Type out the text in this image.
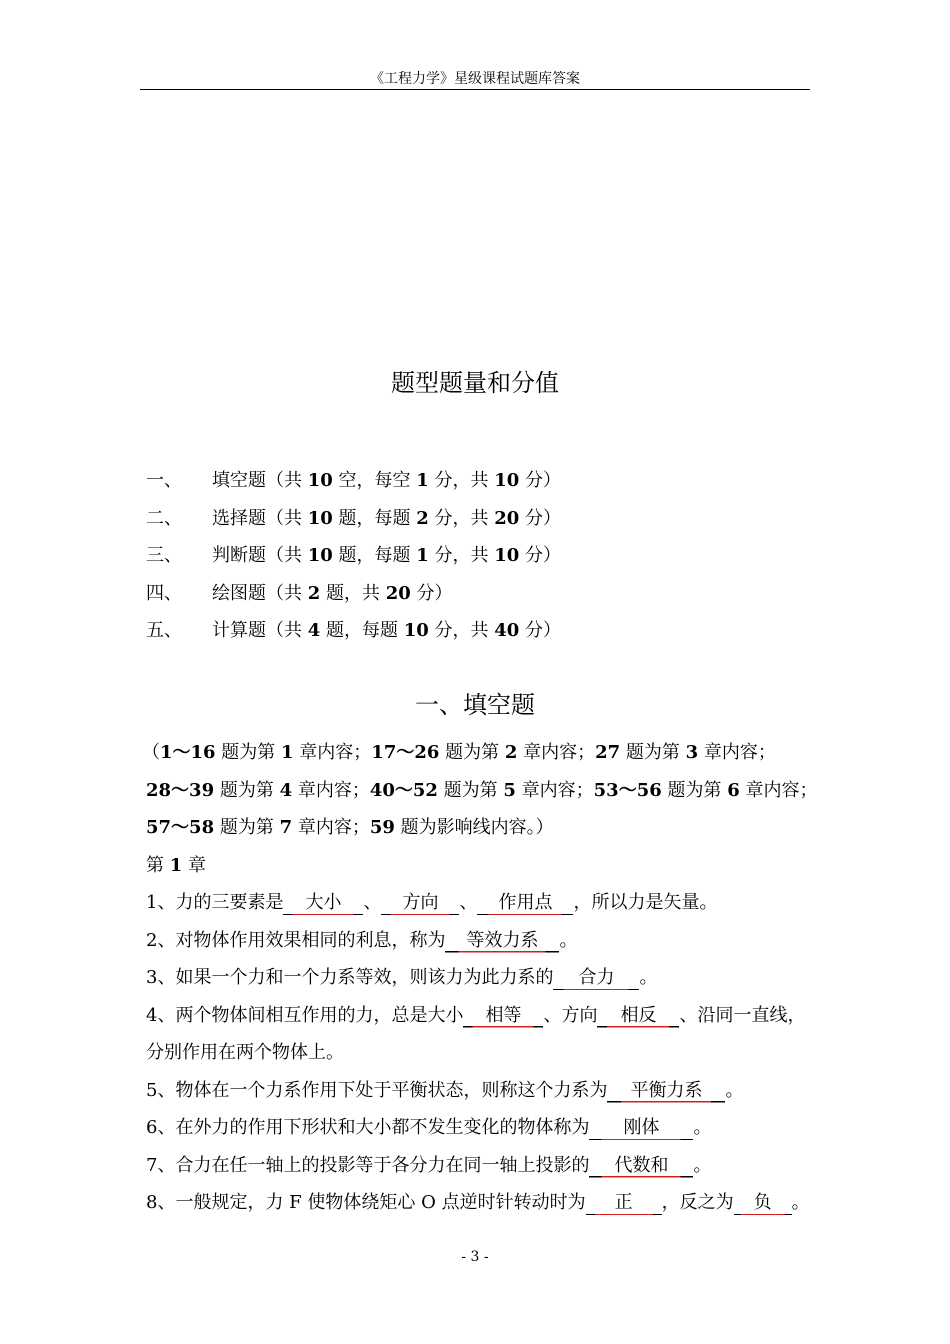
《工程力学》星级课程试题库答案
题型题量和分值
一、 填空题（共 10 空，每空 1 分，共 10 分）
二、 选择题（共 10 题，每题 2 分，共 20 分）
三、 判断题（共 10 题，每题 1 分，共 10 分）
四、 绘图题（共 2 题，共 20 分）
五、 计算题（共 4 题，每题 10 分，共 40 分）
一、填空题
（1～16 题为第 1 章内容；17～26 题为第 2 章内容；27 题为第 3 章内容；
28～39 题为第 4 章内容；40～52 题为第 5 章内容；53～56 题为第 6 章内容；
57～58 题为第 7 章内容；59 题为影响线内容。）
第 1 章
1、力的三要素是 大小 、 方向 、 作用点 ，所以力是矢量。
2、对物体作用效果相同的利息，称为 等效力系 。
3、如果一个力和一个力系等效，则该力为此力系的 合力 。
4、两个物体间相互作用的力，总是大小 相等 、方向 相反 、沿同一直线，
分别作用在两个物体上。
5、物体在一个力系作用下处于平衡状态，则称这个力系为 平衡力系 。
6、在外力的作用下形状和大小都不发生变化的物体称为 刚体 。
7、合力在任一轴上的投影等于各分力在同一轴上投影的 代数和 。
8、一般规定，力 F 使物体绕矩心 O 点逆时针转动时为 正 ，反之为 负 。
- 3 -
